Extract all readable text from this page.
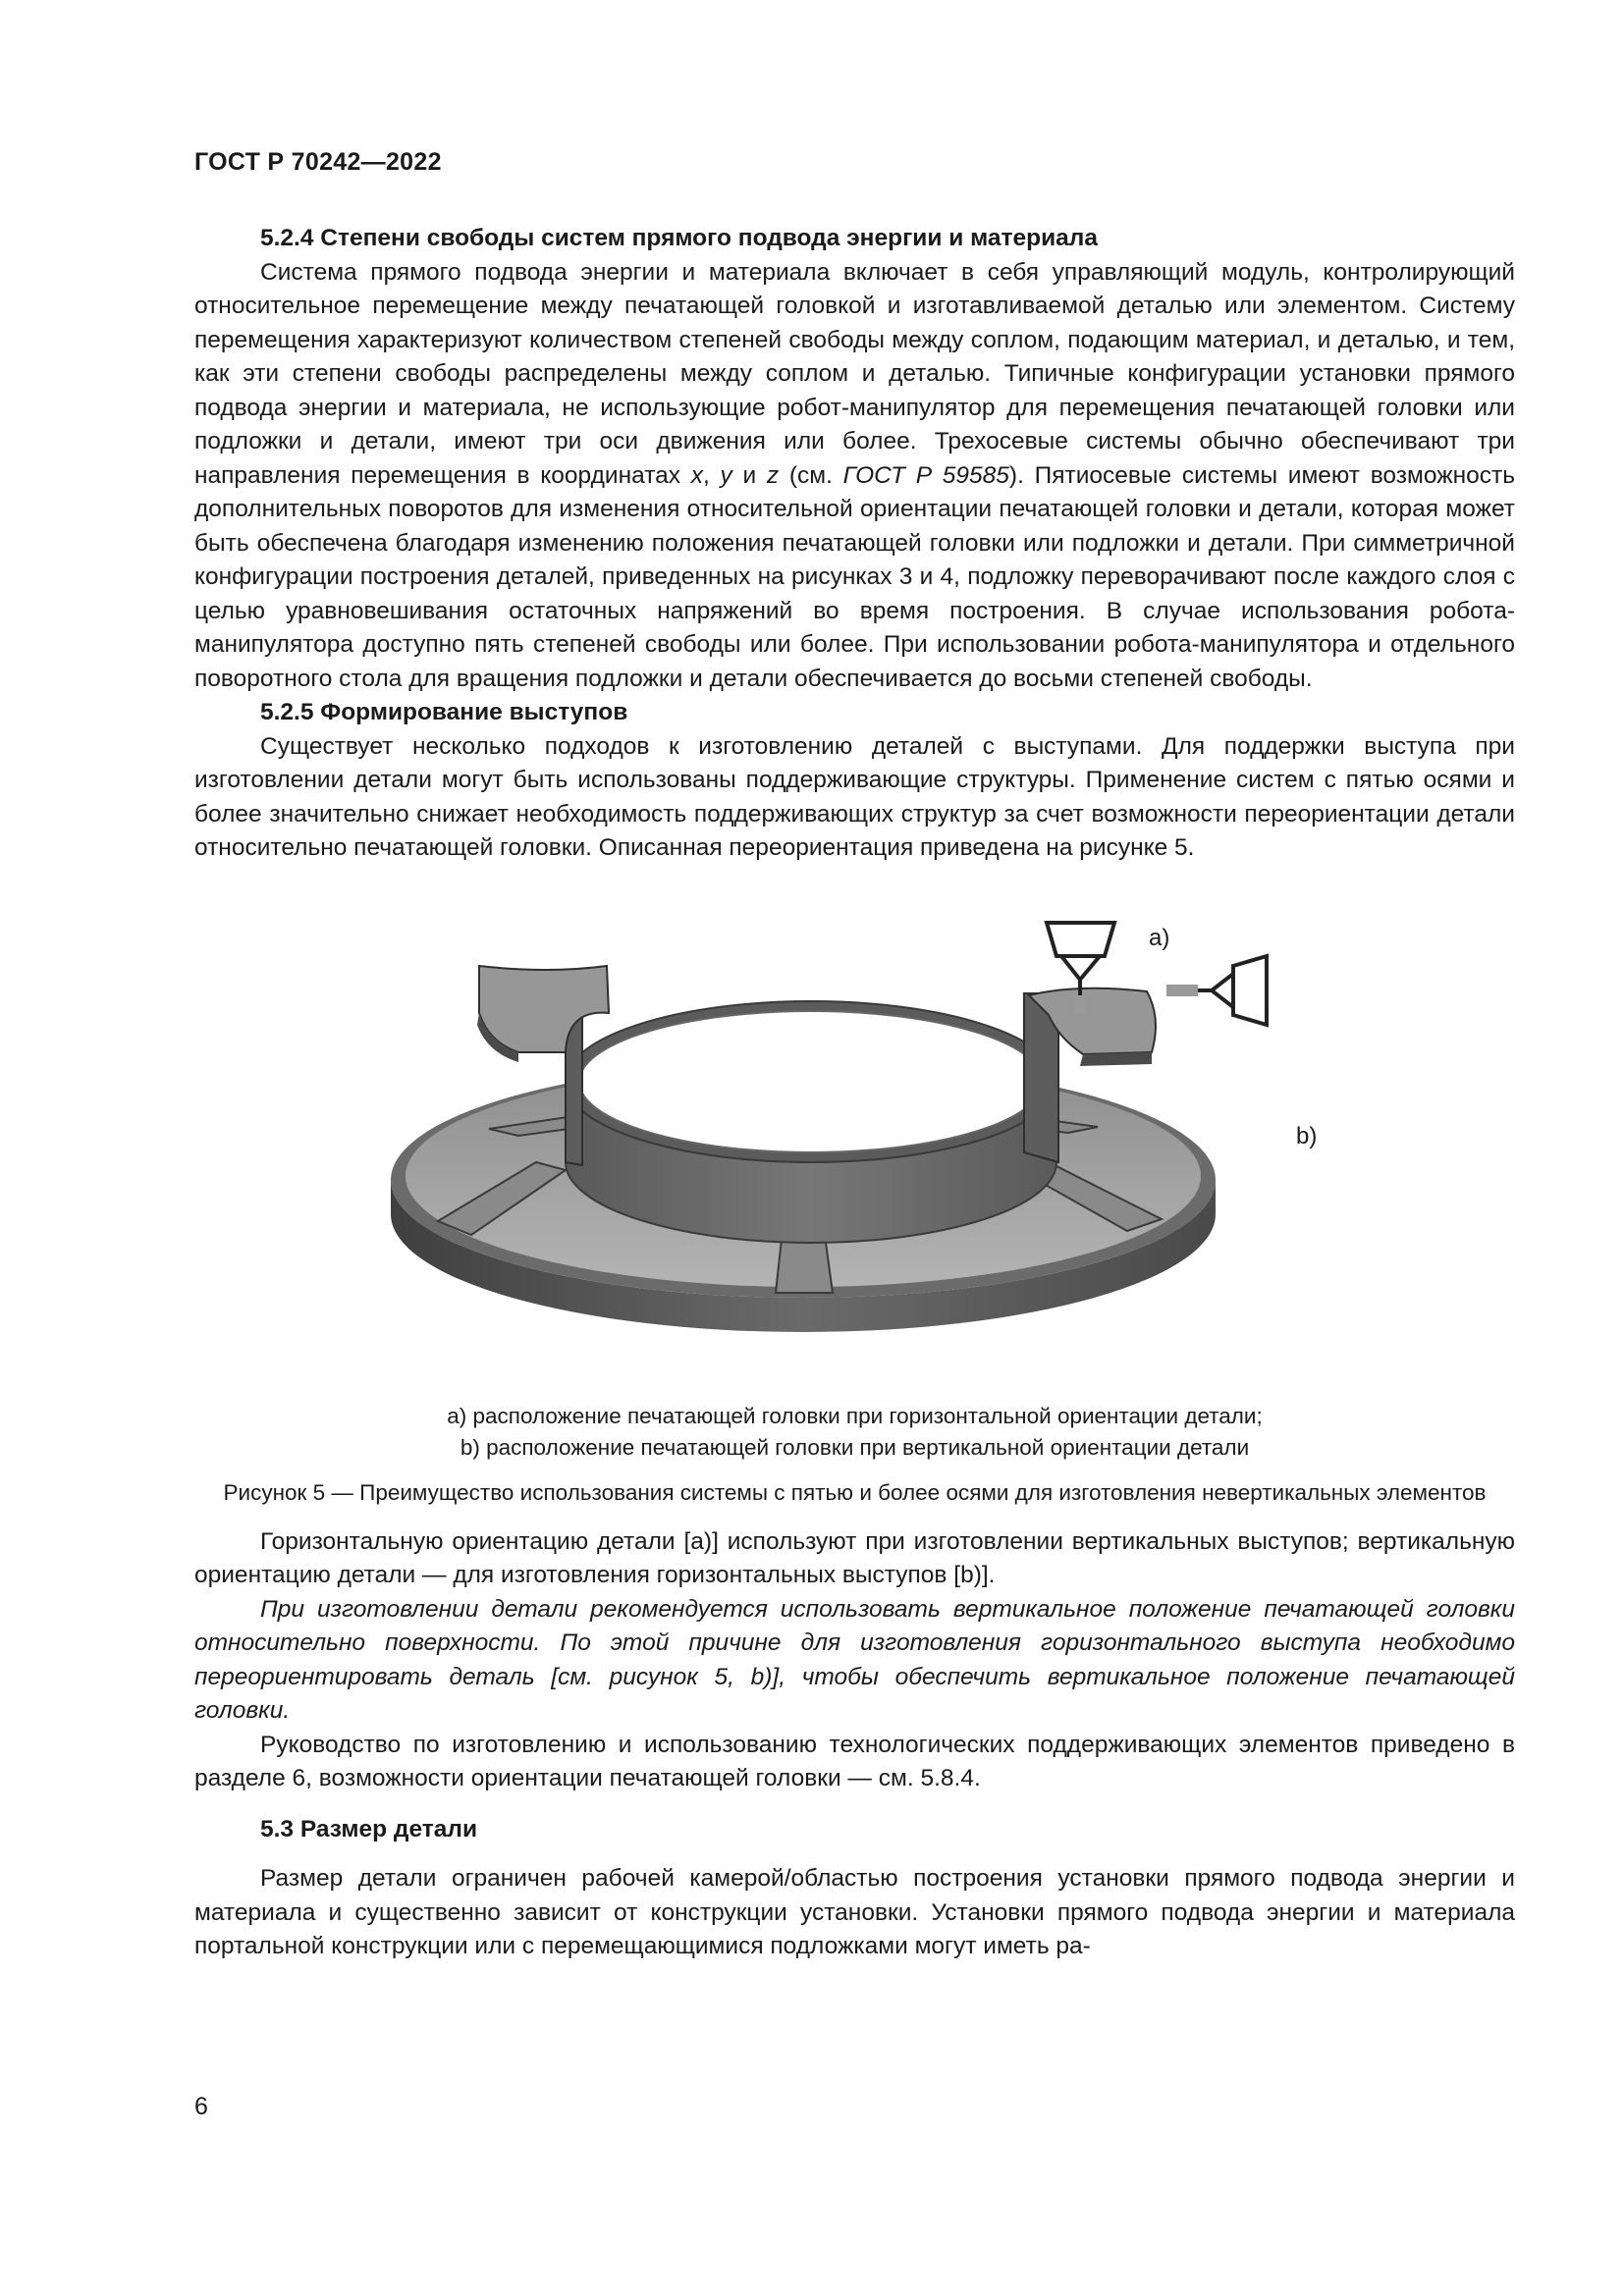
ГОСТ Р 70242—2022

5.2.4 Степени свободы систем прямого подвода энергии и материала

Система прямого подвода энергии и материала включает в себя управляющий модуль, контролирующий относительное перемещение между печатающей головкой и изготавливаемой деталью или элементом. Систему перемещения характеризуют количеством степеней свободы между соплом, подающим материал, и деталью, и тем, как эти степени свободы распределены между соплом и деталью. Типичные конфигурации установки прямого подвода энергии и материала, не использующие робот-манипулятор для перемещения печатающей головки или подложки и детали, имеют три оси движения или более. Трехосевые системы обычно обеспечивают три направления перемещения в координатах x, y и z (см. ГОСТ Р 59585). Пятиосевые системы имеют возможность дополнительных поворотов для изменения относительной ориентации печатающей головки и детали, которая может быть обеспечена благодаря изменению положения печатающей головки или подложки и детали. При симметричной конфигурации построения деталей, приведенных на рисунках 3 и 4, подложку переворачивают после каждого слоя с целью уравновешивания остаточных напряжений во время построения. В случае использования робота-манипулятора доступно пять степеней свободы или более. При использовании робота-манипулятора и отдельного поворотного стола для вращения подложки и детали обеспечивается до восьми степеней свободы.

5.2.5 Формирование выступов

Существует несколько подходов к изготовлению деталей с выступами. Для поддержки выступа при изготовлении детали могут быть использованы поддерживающие структуры. Применение систем с пятью осями и более значительно снижает необходимость поддерживающих структур за счет возможности переориентации детали относительно печатающей головки. Описанная переориентация приведена на рисунке 5.

a)
b)
a) расположение печатающей головки при горизонтальной ориентации детали;
b) расположение печатающей головки при вертикальной ориентации детали
Рисунок 5 — Преимущество использования системы с пятью и более осями для изготовления невертикальных элементов

Горизонтальную ориентацию детали [a)] используют при изготовлении вертикальных выступов; вертикальную ориентацию детали — для изготовления горизонтальных выступов [b)].

При изготовлении детали рекомендуется использовать вертикальное положение печатающей головки относительно поверхности. По этой причине для изготовления горизонтального выступа необходимо переориентировать деталь [см. рисунок 5, b)], чтобы обеспечить вертикальное положение печатающей головки.

Руководство по изготовлению и использованию технологических поддерживающих элементов приведено в разделе 6, возможности ориентации печатающей головки — см. 5.8.4.

5.3 Размер детали

Размер детали ограничен рабочей камерой/областью построения установки прямого подвода энергии и материала и существенно зависит от конструкции установки. Установки прямого подвода энергии и материала портальной конструкции или с перемещающимися подложками могут иметь ра-

6
